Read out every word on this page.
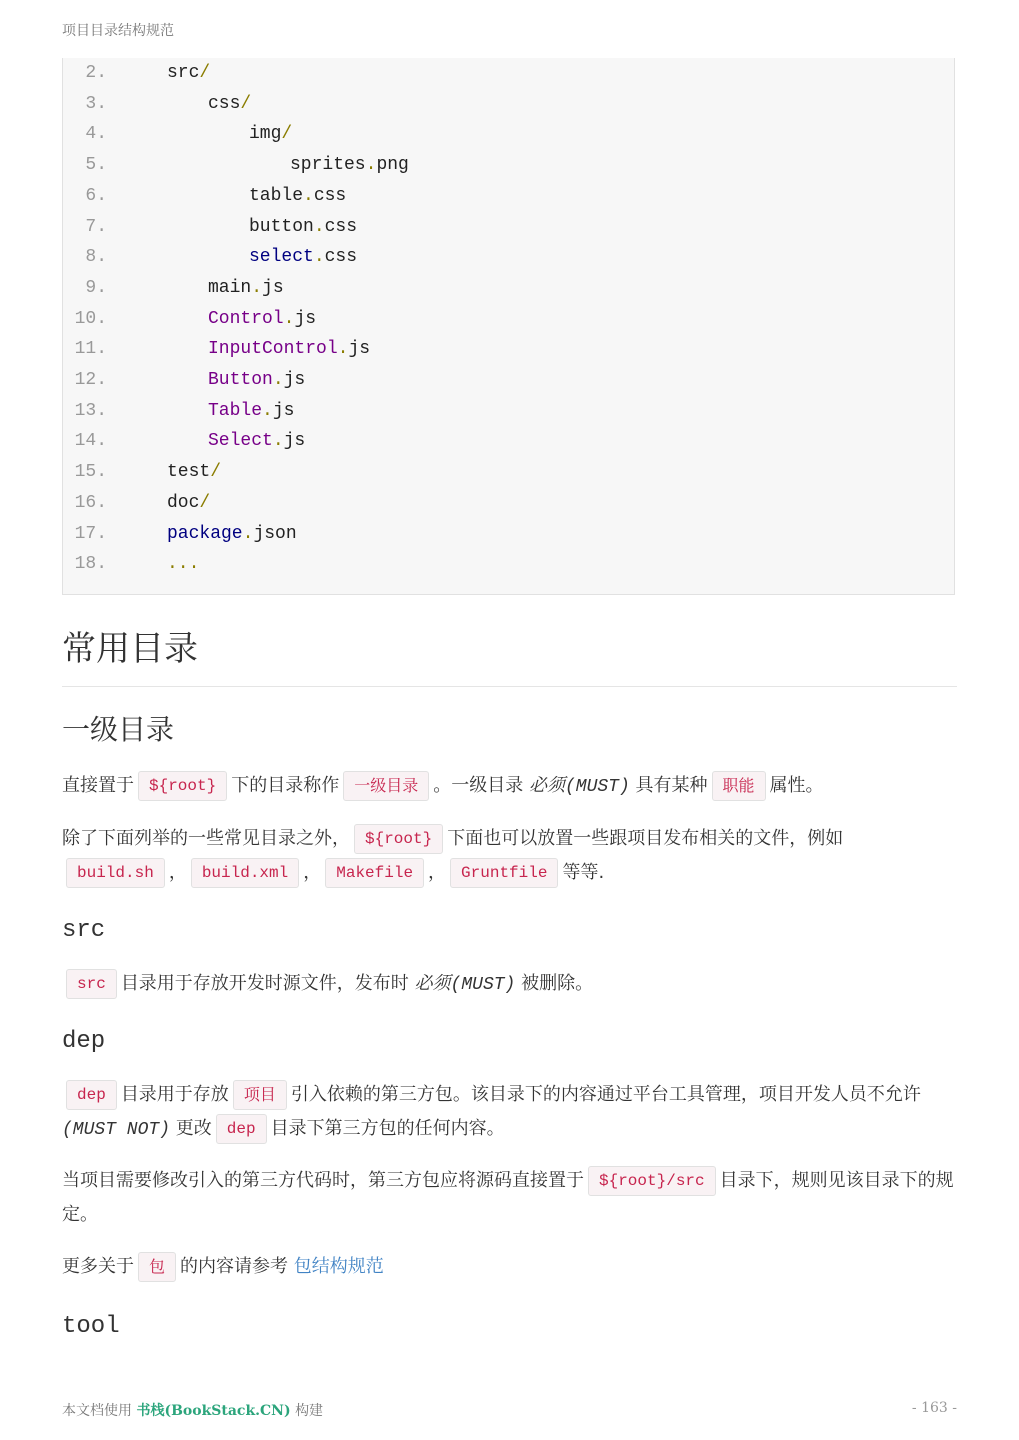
项目目录结构规范
2.	src/
3.	css/
4.	img/
5.	sprites.png
6.	table.css
7.	button.css
8.	select.css
9.	main.js
10.	Control.js
11.	InputControl.js
12.	Button.js
13.	Table.js
14.	Select.js
15.	test/
16.	doc/
17.	package.json
18.	...
常用目录
一级目录
直接置于 ${root} 下的目录称作 一级目录 。一级目录 必须(MUST) 具有某种 职能 属性。
除了下面列举的一些常见目录之外， ${root} 下面也可以放置一些跟项目发布相关的文件，例如build.sh ， build.xml ， Makefile ， Gruntfile 等等.
src
src 目录用于存放开发时源文件，发布时 必须(MUST) 被删除。
dep
dep 目录用于存放 项目 引入依赖的第三方包。该目录下的内容通过平台工具管理，项目开发人员不允许(MUST NOT) 更改 dep 目录下第三方包的任何内容。
当项目需要修改引入的第三方代码时，第三方包应将源码直接置于 ${root}/src 目录下，规则见该目录下的规定。
更多关于 包 的内容请参考 包结构规范
tool
本文档使用 书栈(BookStack.CN) 构建	- 163 -
